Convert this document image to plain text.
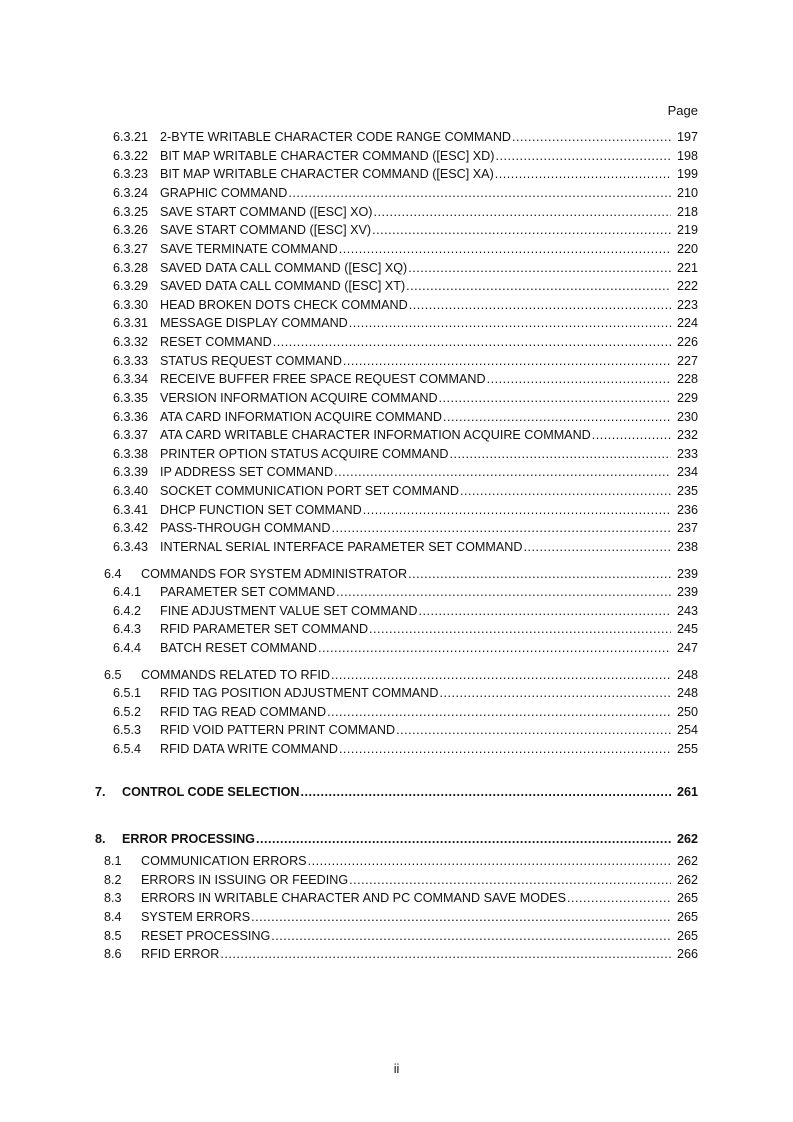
Page
6.3.21 2-BYTE WRITABLE CHARACTER CODE RANGE COMMAND .....	197
6.3.22 BIT MAP WRITABLE CHARACTER COMMAND ([ESC] XD) .....	198
6.3.23 BIT MAP WRITABLE CHARACTER COMMAND ([ESC] XA) .....	199
6.3.24 GRAPHIC COMMAND .....	210
6.3.25 SAVE START COMMAND ([ESC] XO) .....	218
6.3.26 SAVE START COMMAND ([ESC] XV) .....	219
6.3.27 SAVE TERMINATE COMMAND .....	220
6.3.28 SAVED DATA CALL COMMAND ([ESC] XQ) .....	221
6.3.29 SAVED DATA CALL COMMAND ([ESC] XT) .....	222
6.3.30 HEAD BROKEN DOTS CHECK COMMAND .....	223
6.3.31 MESSAGE DISPLAY COMMAND .....	224
6.3.32 RESET COMMAND .....	226
6.3.33 STATUS REQUEST COMMAND .....	227
6.3.34 RECEIVE BUFFER FREE SPACE REQUEST COMMAND .....	228
6.3.35 VERSION INFORMATION ACQUIRE COMMAND .....	229
6.3.36 ATA CARD INFORMATION ACQUIRE COMMAND .....	230
6.3.37 ATA CARD WRITABLE CHARACTER INFORMATION ACQUIRE COMMAND .....	232
6.3.38 PRINTER OPTION STATUS ACQUIRE COMMAND .....	233
6.3.39 IP ADDRESS SET COMMAND .....	234
6.3.40 SOCKET COMMUNICATION PORT SET COMMAND .....	235
6.3.41 DHCP FUNCTION SET COMMAND .....	236
6.3.42 PASS-THROUGH COMMAND .....	237
6.3.43 INTERNAL SERIAL INTERFACE PARAMETER SET COMMAND .....	238
6.4 COMMANDS FOR SYSTEM ADMINISTRATOR .....	239
6.4.1 PARAMETER SET COMMAND .....	239
6.4.2 FINE ADJUSTMENT VALUE SET COMMAND .....	243
6.4.3 RFID PARAMETER SET COMMAND .....	245
6.4.4 BATCH RESET COMMAND .....	247
6.5 COMMANDS RELATED TO RFID .....	248
6.5.1 RFID TAG POSITION ADJUSTMENT COMMAND .....	248
6.5.2 RFID TAG READ COMMAND .....	250
6.5.3 RFID VOID PATTERN PRINT COMMAND .....	254
6.5.4 RFID DATA WRITE COMMAND .....	255
7. CONTROL CODE SELECTION .....	261
8. ERROR PROCESSING .....	262
8.1 COMMUNICATION ERRORS .....	262
8.2 ERRORS IN ISSUING OR FEEDING .....	262
8.3 ERRORS IN WRITABLE CHARACTER AND PC COMMAND SAVE MODES .....	265
8.4 SYSTEM ERRORS .....	265
8.5 RESET PROCESSING .....	265
8.6 RFID ERROR .....	266
ii
